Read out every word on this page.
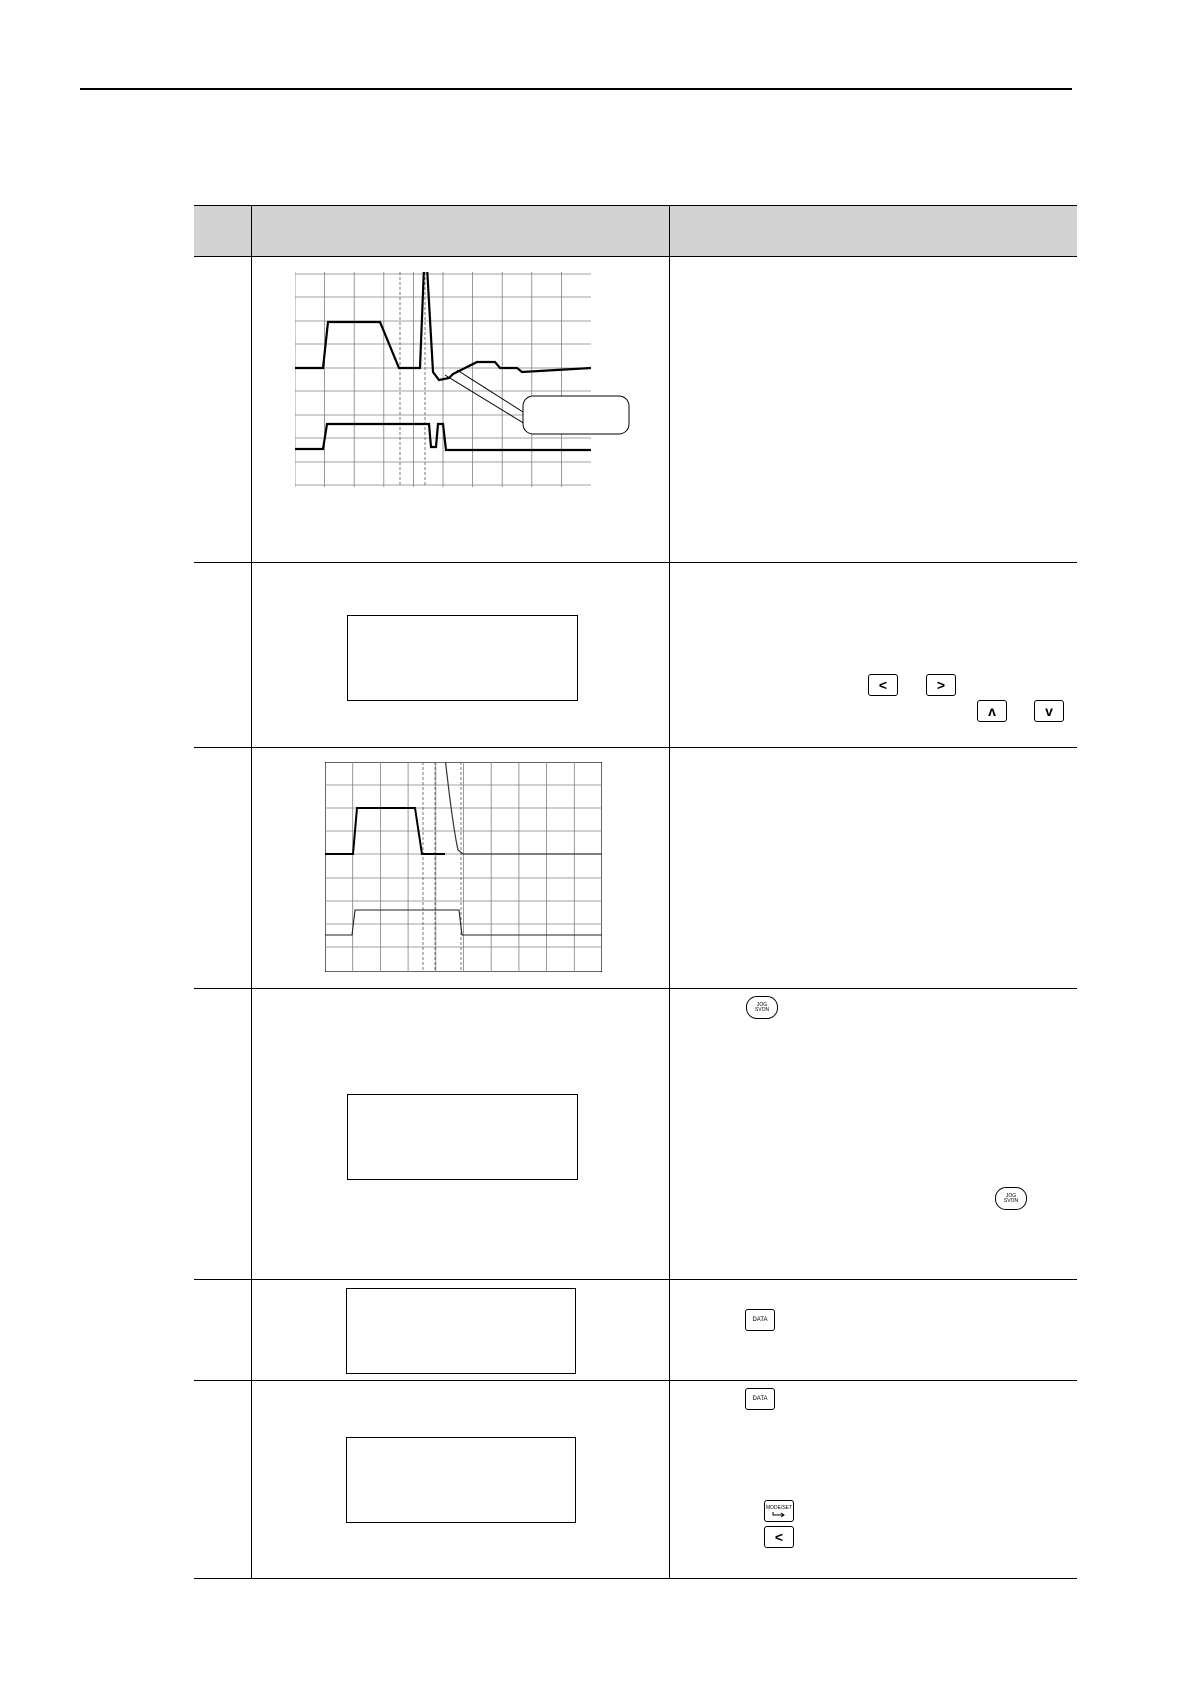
<	>
ʌ	v
JOG
SVON
JOG
SVON
DATA
DATA
MODE/SET
<
